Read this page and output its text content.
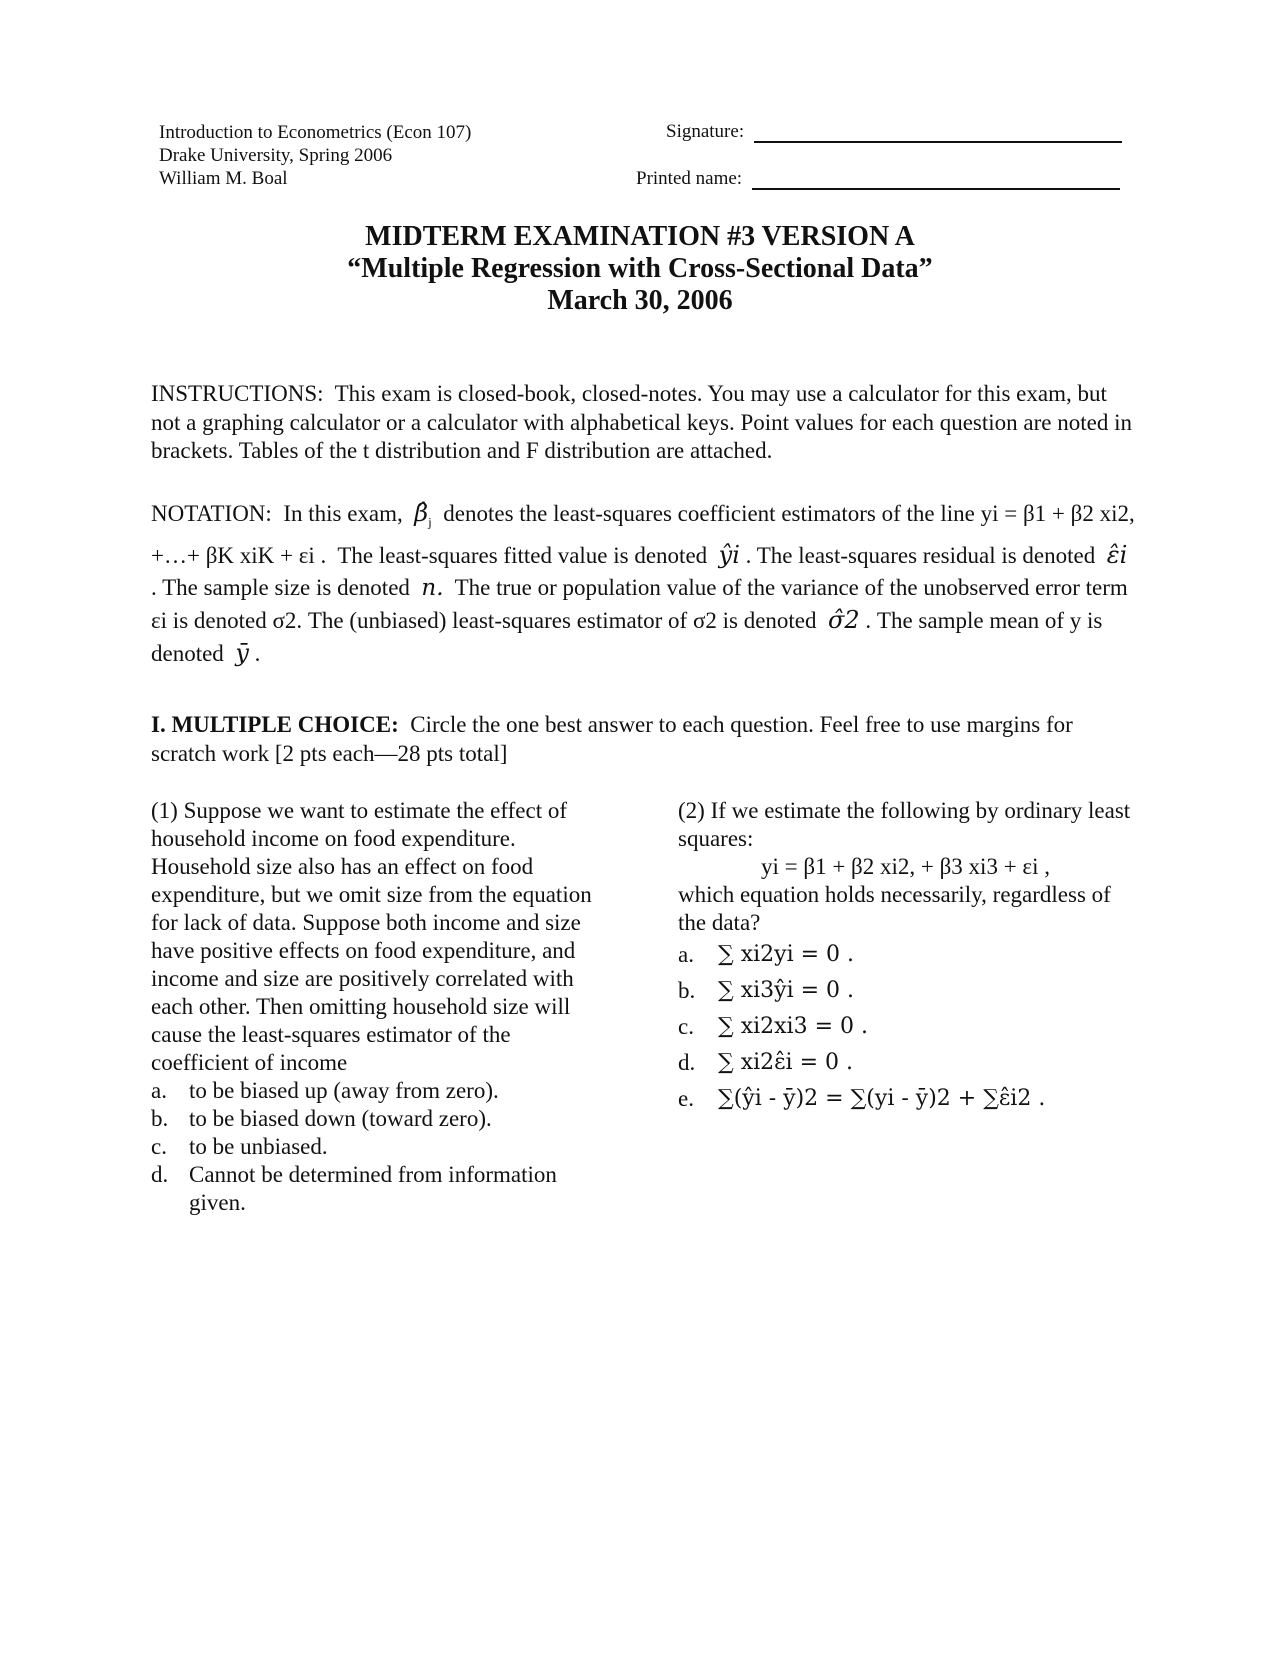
Introduction to Econometrics (Econ 107)
Drake University, Spring 2006
William M. Boal
Signature:
Printed name:
MIDTERM EXAMINATION #3 VERSION A
“Multiple Regression with Cross-Sectional Data”
March 30, 2006
INSTRUCTIONS: This exam is closed-book, closed-notes. You may use a calculator for this exam, but not a graphing calculator or a calculator with alphabetical keys. Point values for each question are noted in brackets. Tables of the t distribution and F distribution are attached.
NOTATION: In this exam, $\betâ_j$ denotes the least-squares coefficient estimators of the line yi = β1 + β2 xi2, +…+ βK xiK + εi . The least-squares fitted value is denoted ŷi . The least-squares residual is denoted ε̂i . The sample size is denoted n. The true or population value of the variance of the unobserved error term εi is denoted σ2. The (unbiased) least-squares estimator of σ2 is denoted σ̂2 . The sample mean of y is denoted ȳ .
I. MULTIPLE CHOICE: Circle the one best answer to each question. Feel free to use margins for scratch work [2 pts each—28 pts total]
(1) Suppose we want to estimate the effect of household income on food expenditure. Household size also has an effect on food expenditure, but we omit size from the equation for lack of data. Suppose both income and size have positive effects on food expenditure, and income and size are positively correlated with each other. Then omitting household size will cause the least-squares estimator of the coefficient of income
a. to be biased up (away from zero).
b. to be biased down (toward zero).
c. to be unbiased.
d. Cannot be determined from information given.
(2) If we estimate the following by ordinary least squares:
yi = β1 + β2 xi2, + β3 xi3 + εi ,
which equation holds necessarily, regardless of the data?
a.	∑ xi2yi = 0 .
b.	∑ xi3ŷi = 0 .
c.	∑ xi2xi3 = 0 .
d.	∑ xi2ε̂i = 0 .
e.	∑(ŷi - ȳ)2 = ∑(yi - ȳ)2 + ∑ε̂i2 .
